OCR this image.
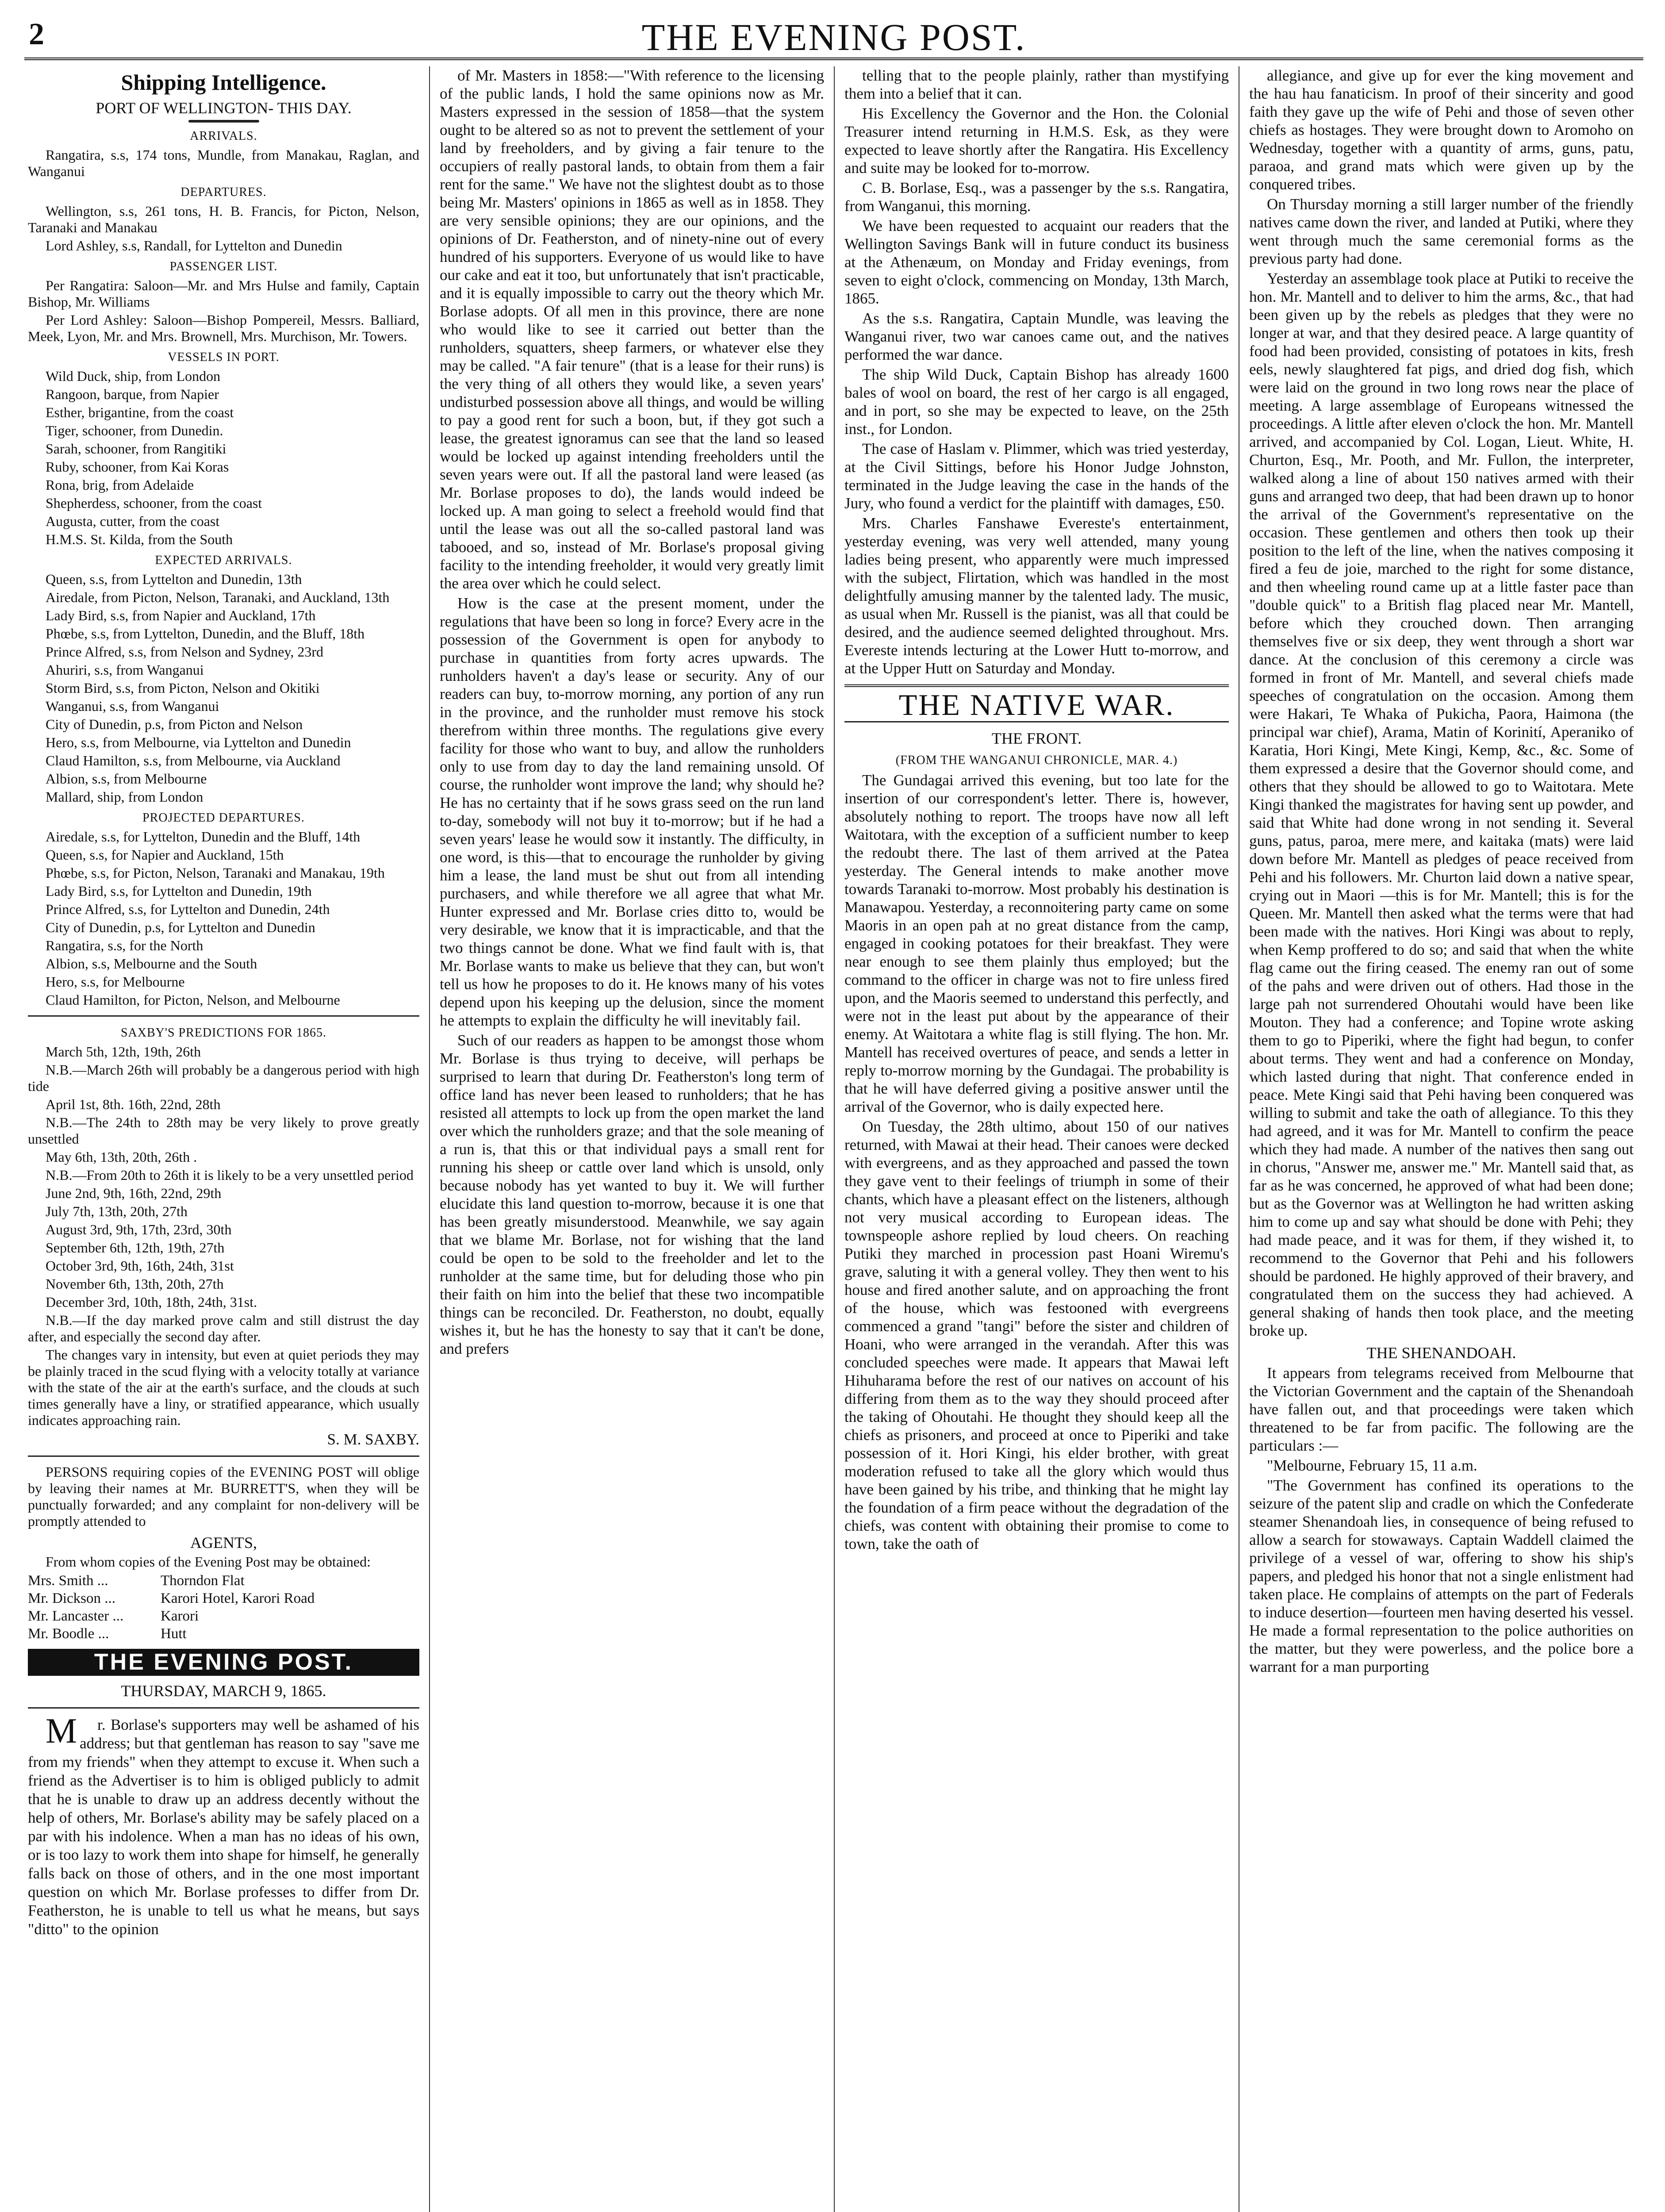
2	THE EVENING POST.
Shipping Intelligence.
PORT OF WELLINGTON- THIS DAY.
ARRIVALS.

Rangatira, s.s, 174 tons, Mundle, from Manakau, Raglan, and Wanganui

DEPARTURES.

Wellington, s.s, 261 tons, H. B. Francis, for Picton, Nelson, Taranaki and Manakau

Lord Ashley, s.s, Randall, for Lyttelton and Dunedin

PASSENGER LIST.

Per Rangatira: Saloon—Mr. and Mrs Hulse and family, Captain Bishop, Mr. Williams

Per Lord Ashley: Saloon—Bishop Pompereil, Messrs. Balliard, Meek, Lyon, Mr. and Mrs. Brownell, Mrs. Murchison, Mr. Towers.

VESSELS IN PORT.

Wild Duck, ship, from London

Rangoon, barque, from Napier

Esther, brigantine, from the coast

Tiger, schooner, from Dunedin.

Sarah, schooner, from Rangitiki

Ruby, schooner, from Kai Koras

Rona, brig, from Adelaide

Shepherdess, schooner, from the coast

Augusta, cutter, from the coast

H.M.S. St. Kilda, from the South

EXPECTED ARRIVALS.

Queen, s.s, from Lyttelton and Dunedin, 13th

Airedale, from Picton, Nelson, Taranaki, and Auckland, 13th

Lady Bird, s.s, from Napier and Auckland, 17th

Phœbe, s.s, from Lyttelton, Dunedin, and the Bluff, 18th

Prince Alfred, s.s, from Nelson and Sydney, 23rd

Ahuriri, s.s, from Wanganui

Storm Bird, s.s, from Picton, Nelson and Okitiki

Wanganui, s.s, from Wanganui

City of Dunedin, p.s, from Picton and Nelson

Hero, s.s, from Melbourne, via Lyttelton and Dunedin

Claud Hamilton, s.s, from Melbourne, via Auckland

Albion, s.s, from Melbourne

Mallard, ship, from London

PROJECTED DEPARTURES.

Airedale, s.s, for Lyttelton, Dunedin and the Bluff, 14th

Queen, s.s, for Napier and Auckland, 15th

Phœbe, s.s, for Picton, Nelson, Taranaki and Manakau, 19th

Lady Bird, s.s, for Lyttelton and Dunedin, 19th

Prince Alfred, s.s, for Lyttelton and Dunedin, 24th

City of Dunedin, p.s, for Lyttelton and Dunedin

Rangatira, s.s, for the North

Albion, s.s, Melbourne and the South

Hero, s.s, for Melbourne

Claud Hamilton, for Picton, Nelson, and Melbourne

SAXBY'S PREDICTIONS FOR 1865.

March 5th, 12th, 19th, 26th

N.B.—March 26th will probably be a dangerous period with high tide

April 1st, 8th. 16th, 22nd, 28th

N.B.—The 24th to 28th may be very likely to prove greatly unsettled

May 6th, 13th, 20th, 26th .

N.B.—From 20th to 26th it is likely to be a very unsettled period

June 2nd, 9th, 16th, 22nd, 29th

July 7th, 13th, 20th, 27th

August 3rd, 9th, 17th, 23rd, 30th

September 6th, 12th, 19th, 27th

October 3rd, 9th, 16th, 24th, 31st

November 6th, 13th, 20th, 27th

December 3rd, 10th, 18th, 24th, 31st.

N.B.—If the day marked prove calm and still distrust the day after, and especially the second day after.

The changes vary in intensity, but even at quiet periods they may be plainly traced in the scud flying with a velocity totally at variance with the state of the air at the earth's surface, and the clouds at such times generally have a liny, or stratified appearance, which usually indicates approaching rain.

S. M. SAXBY.

PERSONS requiring copies of the EVENING POST will oblige by leaving their names at Mr. BURRETT'S, when they will be punctually forwarded; and any complaint for non-delivery will be promptly attended to

AGENTS,

From whom copies of the Evening Post may be obtained:

Mrs. Smith ...	Thorndon Flat
Mr. Dickson ...	Karori Hotel, Karori Road
Mr. Lancaster ...	Karori
Mr. Boodle ...	Hutt
THE EVENING POST.
THURSDAY, MARCH 9, 1865.

Mr. Borlase's supporters may well be ashamed of his address; but that gentleman has reason to say "save me from my friends" when they attempt to excuse it. When such a friend as the Advertiser is to him is obliged publicly to admit that he is unable to draw up an address decently without the help of others, Mr. Borlase's ability may be safely placed on a par with his indolence. When a man has no ideas of his own, or is too lazy to work them into shape for himself, he generally falls back on those of others, and in the one most important question on which Mr. Borlase professes to differ from Dr. Featherston, he is unable to tell us what he means, but says "ditto" to the opinion

of Mr. Masters in 1858:—"With reference to the licensing of the public lands, I hold the same opinions now as Mr. Masters expressed in the session of 1858—that the system ought to be altered so as not to prevent the settlement of your land by freeholders, and by giving a fair tenure to the occupiers of really pastoral lands, to obtain from them a fair rent for the same." We have not the slightest doubt as to those being Mr. Masters' opinions in 1865 as well as in 1858. They are very sensible opinions; they are our opinions, and the opinions of Dr. Featherston, and of ninety-nine out of every hundred of his supporters. Everyone of us would like to have our cake and eat it too, but unfortunately that isn't practicable, and it is equally impossible to carry out the theory which Mr. Borlase adopts. Of all men in this province, there are none who would like to see it carried out better than the runholders, squatters, sheep farmers, or whatever else they may be called. "A fair tenure" (that is a lease for their runs) is the very thing of all others they would like, a seven years' undisturbed possession above all things, and would be willing to pay a good rent for such a boon, but, if they got such a lease, the greatest ignoramus can see that the land so leased would be locked up against intending freeholders until the seven years were out. If all the pastoral land were leased (as Mr. Borlase proposes to do), the lands would indeed be locked up. A man going to select a freehold would find that until the lease was out all the so-called pastoral land was tabooed, and so, instead of Mr. Borlase's proposal giving facility to the intending freeholder, it would very greatly limit the area over which he could select.

How is the case at the present moment, under the regulations that have been so long in force? Every acre in the possession of the Government is open for anybody to purchase in quantities from forty acres upwards. The runholders haven't a day's lease or security. Any of our readers can buy, to-morrow morning, any portion of any run in the province, and the runholder must remove his stock therefrom within three months. The regulations give every facility for those who want to buy, and allow the runholders only to use from day to day the land remaining unsold. Of course, the runholder wont improve the land; why should he? He has no certainty that if he sows grass seed on the run land to-day, somebody will not buy it to-morrow; but if he had a seven years' lease he would sow it instantly. The difficulty, in one word, is this—that to encourage the runholder by giving him a lease, the land must be shut out from all intending purchasers, and while therefore we all agree that what Mr. Hunter expressed and Mr. Borlase cries ditto to, would be very desirable, we know that it is impracticable, and that the two things cannot be done. What we find fault with is, that Mr. Borlase wants to make us believe that they can, but won't tell us how he proposes to do it. He knows many of his votes depend upon his keeping up the delusion, since the moment he attempts to explain the difficulty he will inevitably fail.

Such of our readers as happen to be amongst those whom Mr. Borlase is thus trying to deceive, will perhaps be surprised to learn that during Dr. Featherston's long term of office land has never been leased to runholders; that he has resisted all attempts to lock up from the open market the land over which the runholders graze; and that the sole meaning of a run is, that this or that individual pays a small rent for running his sheep or cattle over land which is unsold, only because nobody has yet wanted to buy it. We will further elucidate this land question to-morrow, because it is one that has been greatly misunderstood. Meanwhile, we say again that we blame Mr. Borlase, not for wishing that the land could be open to be sold to the freeholder and let to the runholder at the same time, but for deluding those who pin their faith on him into the belief that these two incompatible things can be reconciled. Dr. Featherston, no doubt, equally wishes it, but he has the honesty to say that it can't be done, and prefers

telling that to the people plainly, rather than mystifying them into a belief that it can.

His Excellency the Governor and the Hon. the Colonial Treasurer intend returning in H.M.S. Esk, as they were expected to leave shortly after the Rangatira. His Excellency and suite may be looked for to-morrow.

C. B. Borlase, Esq., was a passenger by the s.s. Rangatira, from Wanganui, this morning.

We have been requested to acquaint our readers that the Wellington Savings Bank will in future conduct its business at the Athenæum, on Monday and Friday evenings, from seven to eight o'clock, commencing on Monday, 13th March, 1865.

As the s.s. Rangatira, Captain Mundle, was leaving the Wanganui river, two war canoes came out, and the natives performed the war dance.

The ship Wild Duck, Captain Bishop has already 1600 bales of wool on board, the rest of her cargo is all engaged, and in port, so she may be expected to leave, on the 25th inst., for London.

The case of Haslam v. Plimmer, which was tried yesterday, at the Civil Sittings, before his Honor Judge Johnston, terminated in the Judge leaving the case in the hands of the Jury, who found a verdict for the plaintiff with damages, £50.

Mrs. Charles Fanshawe Evereste's entertainment, yesterday evening, was very well attended, many young ladies being present, who apparently were much impressed with the subject, Flirtation, which was handled in the most delightfully amusing manner by the talented lady. The music, as usual when Mr. Russell is the pianist, was all that could be desired, and the audience seemed delighted throughout. Mrs. Evereste intends lecturing at the Lower Hutt to-morrow, and at the Upper Hutt on Saturday and Monday.

THE NATIVE WAR.
THE FRONT.
(FROM THE WANGANUI CHRONICLE, MAR. 4.)

The Gundagai arrived this evening, but too late for the insertion of our correspondent's letter. There is, however, absolutely nothing to report. The troops have now all left Waitotara, with the exception of a sufficient number to keep the redoubt there. The last of them arrived at the Patea yesterday. The General intends to make another move towards Taranaki to-morrow. Most probably his destination is Manawapou. Yesterday, a reconnoitering party came on some Maoris in an open pah at no great distance from the camp, engaged in cooking potatoes for their breakfast. They were near enough to see them plainly thus employed; but the command to the officer in charge was not to fire unless fired upon, and the Maoris seemed to understand this perfectly, and were not in the least put about by the appearance of their enemy. At Waitotara a white flag is still flying. The hon. Mr. Mantell has received overtures of peace, and sends a letter in reply to-morrow morning by the Gundagai. The probability is that he will have deferred giving a positive answer until the arrival of the Governor, who is daily expected here.

On Tuesday, the 28th ultimo, about 150 of our natives returned, with Mawai at their head. Their canoes were decked with evergreens, and as they approached and passed the town they gave vent to their feelings of triumph in some of their chants, which have a pleasant effect on the listeners, although not very musical according to European ideas. The townspeople ashore replied by loud cheers. On reaching Putiki they marched in procession past Hoani Wiremu's grave, saluting it with a general volley. They then went to his house and fired another salute, and on approaching the front of the house, which was festooned with evergreens commenced a grand "tangi" before the sister and children of Hoani, who were arranged in the verandah. After this was concluded speeches were made. It appears that Mawai left Hihuharama before the rest of our natives on account of his differing from them as to the way they should proceed after the taking of Ohoutahi. He thought they should keep all the chiefs as prisoners, and proceed at once to Piperiki and take possession of it. Hori Kingi, his elder brother, with great moderation refused to take all the glory which would thus have been gained by his tribe, and thinking that he might lay the foundation of a firm peace without the degradation of the chiefs, was content with obtaining their promise to come to town, take the oath of

allegiance, and give up for ever the king movement and the hau hau fanaticism. In proof of their sincerity and good faith they gave up the wife of Pehi and those of seven other chiefs as hostages. They were brought down to Aromoho on Wednesday, together with a quantity of arms, guns, patu, paraoa, and grand mats which were given up by the conquered tribes.

On Thursday morning a still larger number of the friendly natives came down the river, and landed at Putiki, where they went through much the same ceremonial forms as the previous party had done.

Yesterday an assemblage took place at Putiki to receive the hon. Mr. Mantell and to deliver to him the arms, &c., that had been given up by the rebels as pledges that they were no longer at war, and that they desired peace. A large quantity of food had been provided, consisting of potatoes in kits, fresh eels, newly slaughtered fat pigs, and dried dog fish, which were laid on the ground in two long rows near the place of meeting. A large assemblage of Europeans witnessed the proceedings. A little after eleven o'clock the hon. Mr. Mantell arrived, and accompanied by Col. Logan, Lieut. White, H. Churton, Esq., Mr. Pooth, and Mr. Fullon, the interpreter, walked along a line of about 150 natives armed with their guns and arranged two deep, that had been drawn up to honor the arrival of the Government's representative on the occasion. These gentlemen and others then took up their position to the left of the line, when the natives composing it fired a feu de joie, marched to the right for some distance, and then wheeling round came up at a little faster pace than "double quick" to a British flag placed near Mr. Mantell, before which they crouched down. Then arranging themselves five or six deep, they went through a short war dance. At the conclusion of this ceremony a circle was formed in front of Mr. Mantell, and several chiefs made speeches of congratulation on the occasion. Among them were Hakari, Te Whaka of Pukicha, Paora, Haimona (the principal war chief), Arama, Matin of Korinití, Aperaniko of Karatia, Hori Kingi, Mete Kingi, Kemp, &c., &c. Some of them expressed a desire that the Governor should come, and others that they should be allowed to go to Waitotara. Mete Kingi thanked the magistrates for having sent up powder, and said that White had done wrong in not sending it. Several guns, patus, paroa, mere mere, and kaitaka (mats) were laid down before Mr. Mantell as pledges of peace received from Pehi and his followers. Mr. Churton laid down a native spear, crying out in Maori —this is for Mr. Mantell; this is for the Queen. Mr. Mantell then asked what the terms were that had been made with the natives. Hori Kingi was about to reply, when Kemp proffered to do so; and said that when the white flag came out the firing ceased. The enemy ran out of some of the pahs and were driven out of others. Had those in the large pah not surrendered Ohoutahi would have been like Mouton. They had a conference; and Topine wrote asking them to go to Piperiki, where the fight had begun, to confer about terms. They went and had a conference on Monday, which lasted during that night. That conference ended in peace. Mete Kingi said that Pehi having been conquered was willing to submit and take the oath of allegiance. To this they had agreed, and it was for Mr. Mantell to confirm the peace which they had made. A number of the natives then sang out in chorus, "Answer me, answer me." Mr. Mantell said that, as far as he was concerned, he approved of what had been done; but as the Governor was at Wellington he had written asking him to come up and say what should be done with Pehi; they had made peace, and it was for them, if they wished it, to recommend to the Governor that Pehi and his followers should be pardoned. He highly approved of their bravery, and congratulated them on the success they had achieved. A general shaking of hands then took place, and the meeting broke up.

THE SHENANDOAH.

It appears from telegrams received from Melbourne that the Victorian Government and the captain of the Shenandoah have fallen out, and that proceedings were taken which threatened to be far from pacific. The following are the particulars :—

"Melbourne, February 15, 11 a.m.

"The Government has confined its operations to the seizure of the patent slip and cradle on which the Confederate steamer Shenandoah lies, in consequence of being refused to allow a search for stowaways. Captain Waddell claimed the privilege of a vessel of war, offering to show his ship's papers, and pledged his honor that not a single enlistment had taken place. He complains of attempts on the part of Federals to induce desertion—fourteen men having deserted his vessel. He made a formal representation to the police authorities on the matter, but they were powerless, and the police bore a warrant for a man purporting
